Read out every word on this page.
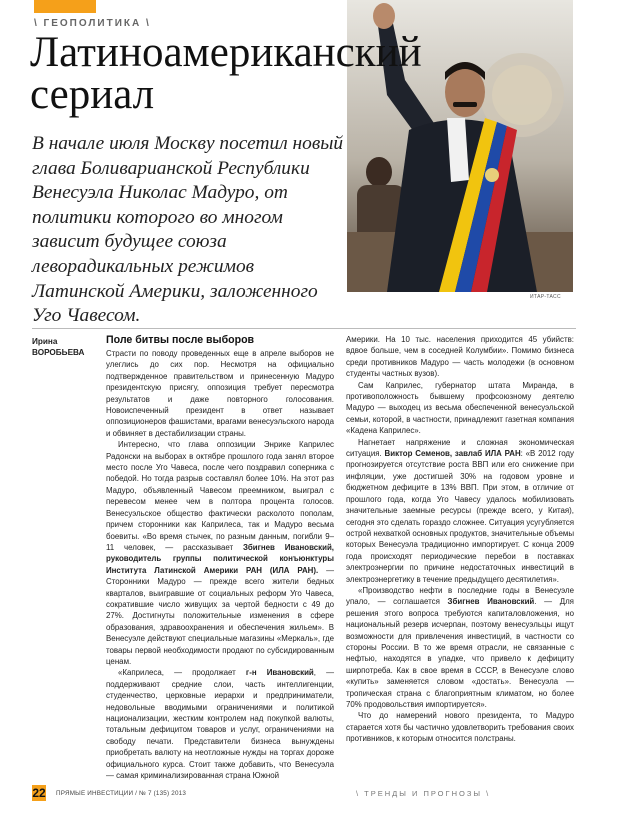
\ ГЕОПОЛИТИКА \
Латиноамериканский
сериал

В начале июля Москву посетил новый глава Боливарианской Республики Венесуэла Николас Мадуро, от политики которого во многом зависит будущее союза леворадикальных режимов Латинской Америки, заложенного Уго Чавесом.

ИТАР-ТАСС
Ирина
ВОРОБЬЕВА
Поле битвы после выборов

Страсти по поводу проведенных еще в апреле выборов не улеглись до сих пор. Несмотря на официально подтвержденное правительством и принесенную Мадуро президентскую присягу, оппозиция требует пересмотра результатов и даже повторного голосования. Новоиспеченный президент в ответ называет оппозиционеров фашистами, врагами венесуэльского народа и обвиняет в дестабилизации страны.

Интересно, что глава оппозиции Энрике Каприлес Радонски на выборах в октябре прошлого года занял второе место после Уго Чавеса, после чего поздравил соперника с победой. Но тогда разрыв составлял более 10%. На этот раз Мадуро, объявленный Чавесом преемником, выиграл с перевесом менее чем в полтора процента голосов. Венесуэльское общество фактически расколото пополам, причем сторонники как Каприлеса, так и Мадуро весьма боевиты. «Во время стычек, по разным данным, погибли 9–11 человек, — рассказывает Збигнев Ивановский, руководитель группы политической конъюнктуры Института Латинской Америки РАН (ИЛА РАН). — Сторонники Мадуро — прежде всего жители бедных кварталов, выигравшие от социальных реформ Уго Чавеса, сократившие число живущих за чертой бедности с 49 до 27%. Достигнуты положительные изменения в сфере образования, здравоохранения и обеспечения жильем». В Венесуэле действуют специальные магазины «Меркаль», где товары первой необходимости продают по субсидированным ценам.

«Каприлеса, — продолжает г-н Ивановский, — поддерживают средние слои, часть интеллигенции, студенчество, церковные иерархи и предприниматели, недовольные вводимыми ограничениями и политикой национализации, жестким контролем над покупкой валюты, тотальным дефицитом товаров и услуг, ограничениями на свободу печати. Представители бизнеса вынуждены приобретать валюту на неотложные нужды на торгах дороже официального курса. Стоит также добавить, что Венесуэла — самая криминализированная страна Южной

Америки. На 10 тыс. населения приходится 45 убийств: вдвое больше, чем в соседней Колумбии». Помимо бизнеса среди противников Мадуро — часть молодежи (в основном студенты частных вузов).

Сам Каприлес, губернатор штата Миранда, в противоположность бывшему профсоюзному деятелю Мадуро — выходец из весьма обеспеченной венесуэльской семьи, которой, в частности, принадлежит газетная компания «Кадена Каприлес».

Нагнетает напряжение и сложная экономическая ситуация. Виктор Семенов, завлаб ИЛА РАН: «В 2012 году прогнозируется отсутствие роста ВВП или его снижение при инфляции, уже достигшей 30% на годовом уровне и бюджетном дефиците в 13% ВВП. При этом, в отличие от прошлого года, когда Уго Чавесу удалось мобилизовать значительные заемные ресурсы (прежде всего, у Китая), сегодня это сделать гораздо сложнее. Ситуация усугубляется острой нехваткой основных продуктов, значительные объемы которых Венесуэла традиционно импортирует. С конца 2009 года происходят периодические перебои в поставках электроэнергии по причине недостаточных инвестиций в электроэнергетику в течение предыдущего десятилетия».

«Производство нефти в последние годы в Венесуэле упало, — соглашается Збигнев Ивановский. — Для решения этого вопроса требуются капиталовложения, но национальный резерв исчерпан, поэтому венесуэльцы ищут возможности для привлечения инвестиций, в частности со стороны России. В то же время отрасли, не связанные с нефтью, находятся в упадке, что привело к дефициту ширпотреба. Как в свое время в СССР, в Венесуэле слово «купить» заменяется словом «достать». Венесуэла — тропическая страна с благоприятным климатом, но более 70% продовольствия импортируется».

Что до намерений нового президента, то Мадуро старается хотя бы частично удовлетворить требования своих противников, к которым относится полстраны.

22	ПРЯМЫЕ ИНВЕСТИЦИИ / № 7 (135) 2013	\ ТРЕНДЫ И ПРОГНОЗЫ \
